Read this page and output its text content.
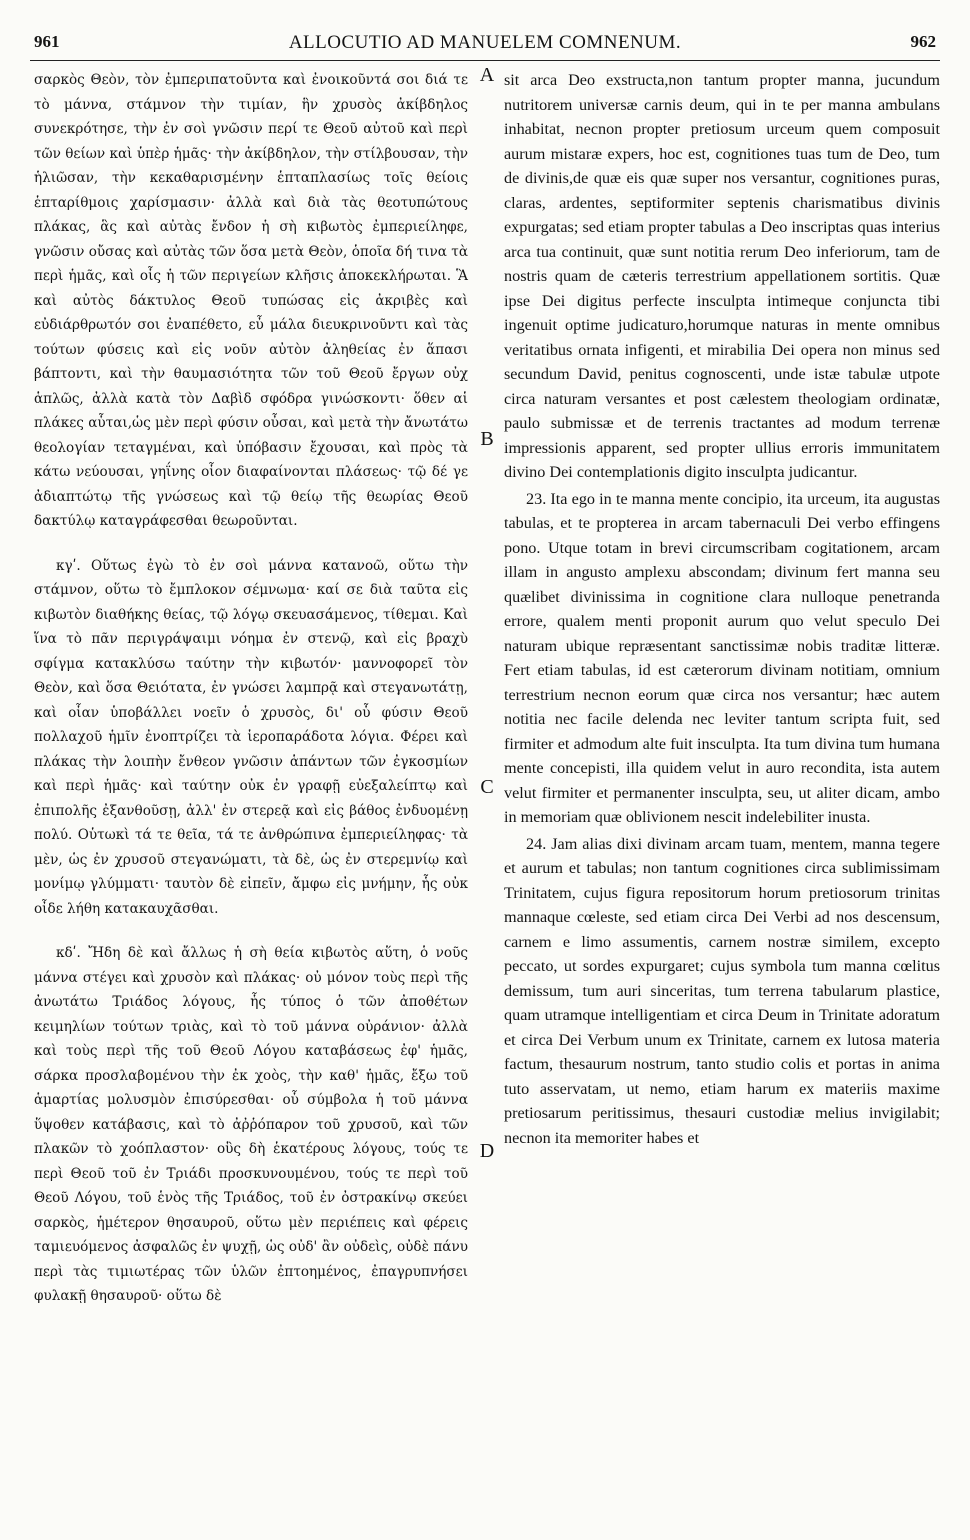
961	ALLOCUTIO AD MANUELEM COMNENUM.	962

σαρκὸς Θεὸν, τὸν ἐμπεριπατοῦντα καὶ ἐνοικοῦντά σοι διά τε τὸ μάννα, στάμνον τὴν τιμίαν, ἣν χρυσὸς ἀκίβδηλος συνεκρότησε, τὴν ἐν σοὶ γνῶσιν περί τε Θεοῦ αὐτοῦ καὶ περὶ τῶν θείων καὶ ὑπὲρ ἡμᾶς· τὴν ἀκίβδηλον, τὴν στίλβουσαν, τὴν ἡλιῶσαν, τὴν κεκαθαρισμένην ἑπταπλασίως τοῖς θείοις ἑπταρίθμοις χαρίσμασιν· ἀλλὰ καὶ διὰ τὰς θεοτυπώτους πλάκας, ἃς καὶ αὐτὰς ἔνδον ἡ σὴ κιβωτὸς ἐμπεριείληφε, γνῶσιν οὔσας καὶ αὐτὰς τῶν ὅσα μετὰ Θεὸν, ὁποῖα δή τινα τὰ περὶ ἡμᾶς, καὶ οἷς ἡ τῶν περιγείων κλῆσις ἀποκεκλήρωται. Ἃ καὶ αὐτὸς δάκτυλος Θεοῦ τυπώσας εἰς ἀκριβὲς καὶ εὐδιάρθρωτόν σοι ἐναπέθετο, εὖ μάλα διευκρινοῦντι καὶ τὰς τούτων φύσεις καὶ εἰς νοῦν αὐτὸν ἀληθείας ἐν ἅπασι βάπτοντι, καὶ τὴν θαυμασιότητα τῶν τοῦ Θεοῦ ἔργων οὐχ ἁπλῶς, ἀλλὰ κατὰ τὸν Δαβὶδ σφόδρα γινώσκοντι· ὅθεν αἱ πλάκες αὗται,ὡς μὲν περὶ φύσιν οὖσαι, καὶ μετὰ τὴν ἄνωτάτω θεολογίαν τεταγμέναι, καὶ ὑπόβασιν ἔχουσαι, καὶ πρὸς τὰ κάτω νεύουσαι, γηΐνης οἷον διαφαίνονται πλάσεως· τῷ δέ γε ἀδιαπτώτῳ τῆς γνώσεως καὶ τῷ θείῳ τῆς θεωρίας Θεοῦ δακτύλῳ καταγράφεσθαι θεωροῦνται.

κγʹ. Οὕτως ἐγὼ τὸ ἐν σοὶ μάννα κατανοῶ, οὕτω τὴν στάμνον, οὕτω τὸ ἔμπλοκον σέμνωμα· καί σε διὰ ταῦτα εἰς κιβωτὸν διαθήκης θείας, τῷ λόγῳ σκευασάμενος, τίθεμαι. Καὶ ἵνα τὸ πᾶν περιγράψαιμι νόημα ἐν στενῷ, καὶ εἰς βραχὺ σφίγμα κατακλύσω ταύτην τὴν κιβωτόν· μαννοφορεῖ τὸν Θεὸν, καὶ ὅσα Θειότατα, ἐν γνώσει λαμπρᾷ καὶ στεγανωτάτῃ, καὶ οἷαν ὑποβάλλει νοεῖν ὁ χρυσὸς, δι' οὗ φύσιν Θεοῦ πολλαχοῦ ἡμῖν ἐνοπτρίζει τὰ ἱεροπαράδοτα λόγια. Φέρει καὶ πλάκας τὴν λοιπὴν ἔνθεον γνῶσιν ἁπάντων τῶν ἐγκοσμίων καὶ περὶ ἡμᾶς· καὶ ταύτην οὐκ ἐν γραφῇ εὐεξαλείπτῳ καὶ ἐπιπολῆς ἐξανθοῦσῃ, ἀλλ' ἐν στερεᾷ καὶ εἰς βάθος ἐνδυομένῃ πολύ. Οὑτωκὶ τά τε θεῖα, τά τε ἀνθρώπινα ἐμπεριείληφας· τὰ μὲν, ὡς ἐν χρυσοῦ στεγανώματι, τὰ δὲ, ὡς ἐν στερεμνίῳ καὶ μονίμῳ γλύμματι· ταυτὸν δὲ εἰπεῖν, ἄμφω εἰς μνήμην, ἧς οὐκ οἶδε λήθη κατακαυχᾶσθαι.

κδʹ. Ἤδη δὲ καὶ ἄλλως ἡ σὴ θεία κιβωτὸς αὕτη, ὁ νοῦς μάννα στέγει καὶ χρυσὸν καὶ πλάκας· οὐ μόνον τοὺς περὶ τῆς ἀνωτάτω Τριάδος λόγους, ἧς τύπος ὁ τῶν ἀποθέτων κειμηλίων τούτων τριὰς, καὶ τὸ τοῦ μάννα οὐράνιον· ἀλλὰ καὶ τοὺς περὶ τῆς τοῦ Θεοῦ Λόγου καταβάσεως ἐφ' ἡμᾶς, σάρκα προσλαβομένου τὴν ἐκ χοὸς, τὴν καθ' ἡμᾶς, ἔξω τοῦ ἁμαρτίας μολυσμὸν ἐπισύρεσθαι· οὗ σύμβολα ἡ τοῦ μάννα ὕψοθεν κατάβασις, καὶ τὸ ἀῤῥόπαρον τοῦ χρυσοῦ, καὶ τῶν πλακῶν τὸ χοόπλαστον· οὓς δὴ ἑκατέρους λόγους, τούς τε περὶ Θεοῦ τοῦ ἐν Τριάδι προσκυνουμένου, τούς τε περὶ τοῦ Θεοῦ Λόγου, τοῦ ἑνὸς τῆς Τριάδος, τοῦ ἐν ὀστρακίνῳ σκεύει σαρκὸς, ἡμέτερον θησαυροῦ, οὕτω μὲν περιέπεις καὶ φέρεις ταμιευόμενος ἀσφαλῶς ἐν ψυχῇ, ὡς οὐδ' ἂν οὐδεὶς, οὐδὲ πάνυ περὶ τὰς τιμιωτέρας τῶν ὑλῶν ἐπτοημένος, ἐπαγρυπνήσει φυλακῇ θησαυροῦ· οὕτω δὲ

A
B
C
D

sit arca Deo exstructa,non tantum propter manna, jucundum nutritorem universæ carnis deum, qui in te per manna ambulans inhabitat, necnon propter pretiosum urceum quem composuit aurum mistaræ expers, hoc est, cognitiones tuas tum de Deo, tum de divinis,de quæ eis quæ super nos versantur, cognitiones puras, claras, ardentes, septiformiter septenis charismatibus divinis expurgatas; sed etiam propter tabulas a Deo inscriptas quas interius arca tua continuit, quæ sunt notitia rerum Deo inferiorum, tam de nostris quam de cæteris terrestrium appellationem sortitis. Quæ ipse Dei digitus perfecte insculpta intimeque conjuncta tibi ingenuit optime judicaturo,horumque naturas in mente omnibus veritatibus ornata infigenti, et mirabilia Dei opera non minus sed secundum David, penitus cognoscenti, unde istæ tabulæ utpote circa naturam versantes et post cælestem theologiam ordinatæ, paulo submissæ et de terrenis tractantes ad modum terrenæ impressionis apparent, sed propter ullius erroris immunitatem divino Dei contemplationis digito insculpta judicantur.

23. Ita ego in te manna mente concipio, ita urceum, ita augustas tabulas, et te propterea in arcam tabernaculi Dei verbo effingens pono. Utque totam in brevi circumscribam cogitationem, arcam illam in angusto amplexu abscondam; divinum fert manna seu quælibet divinissima in cognitione clara nulloque penetranda errore, qualem menti proponit aurum quo velut speculo Dei naturam ubique repræsentant sanctissimæ nobis traditæ litteræ. Fert etiam tabulas, id est cæterorum divinam notitiam, omnium terrestrium necnon eorum quæ circa nos versantur; hæc autem notitia nec facile delenda nec leviter tantum scripta fuit, sed firmiter et admodum alte fuit insculpta. Ita tum divina tum humana mente concepisti, illa quidem velut in auro recondita, ista autem velut firmiter et permanenter insculpta, seu, ut aliter dicam, ambo in memoriam quæ oblivionem nescit indelebiliter inusta.

24. Jam alias dixi divinam arcam tuam, mentem, manna tegere et aurum et tabulas; non tantum cognitiones circa sublimissimam Trinitatem, cujus figura repositorum horum pretiosorum trinitas mannaque cœleste, sed etiam circa Dei Verbi ad nos descensum, carnem e limo assumentis, carnem nostræ similem, excepto peccato, ut sordes expurgaret; cujus symbola tum manna cœlitus demissum, tum auri sinceritas, tum terrena tabularum plastice, quam utramque intelligentiam et circa Deum in Trinitate adoratum et circa Dei Verbum unum ex Trinitate, carnem ex lutosa materia factum, thesaurum nostrum, tanto studio colis et portas in anima tuto asservatam, ut nemo, etiam harum ex materiis maxime pretiosarum peritissimus, thesauri custodiæ melius invigilabit; necnon ita memoriter habes et
